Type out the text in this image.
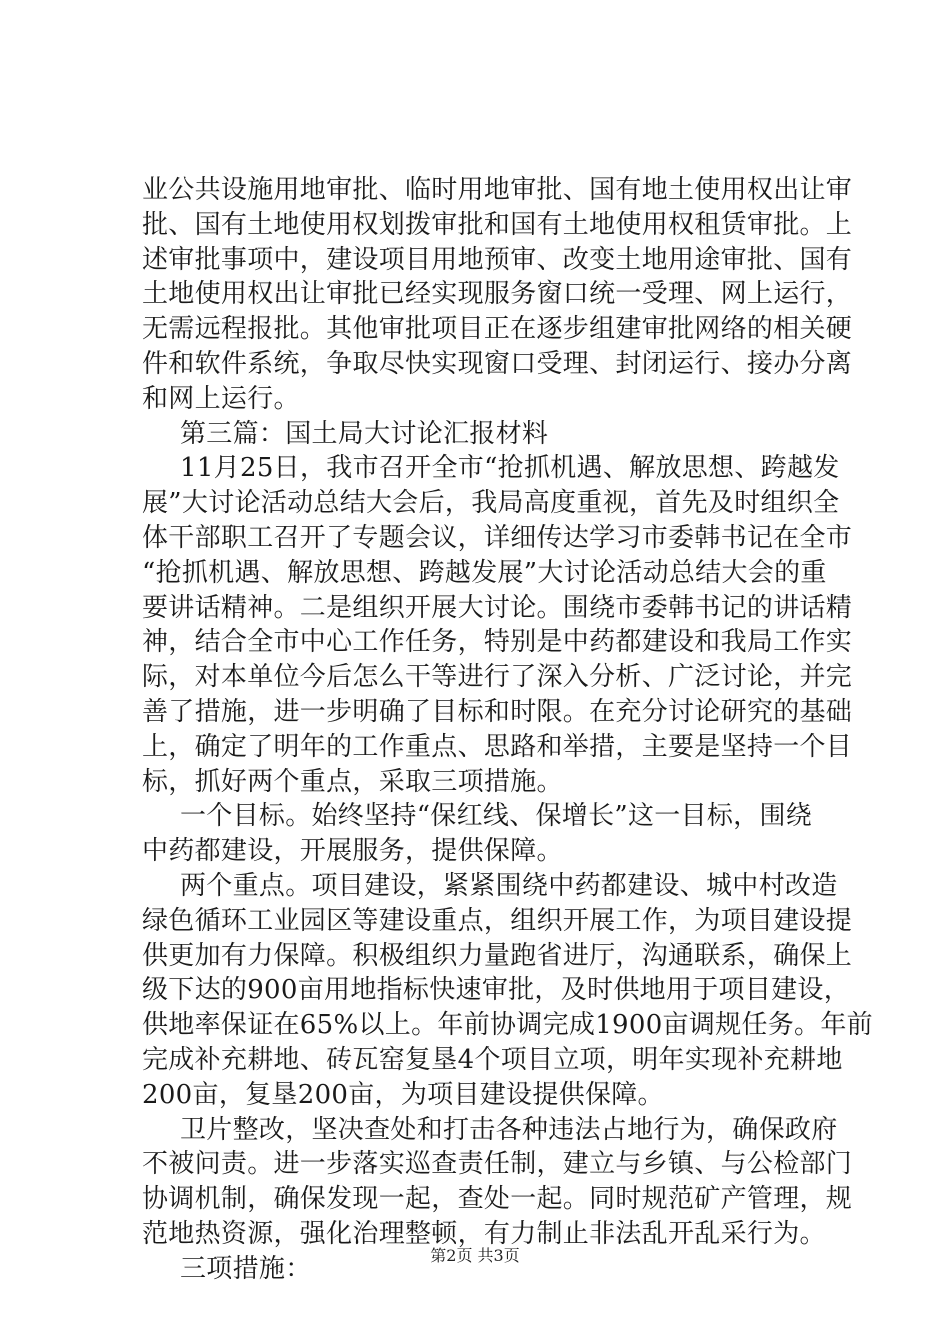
业公共设施用地审批、临时用地审批、国有地土使用权出让审
批、国有土地使用权划拨审批和国有土地使用权租赁审批。上
述审批事项中，建设项目用地预审、改变土地用途审批、国有
土地使用权出让审批已经实现服务窗口统一受理、网上运行，
无需远程报批。其他审批项目正在逐步组建审批网络的相关硬
件和软件系统，争取尽快实现窗口受理、封闭运行、接办分离
和网上运行。
第三篇：国土局大讨论汇报材料
11月25日，我市召开全市“抢抓机遇、解放思想、跨越发
展”大讨论活动总结大会后，我局高度重视，首先及时组织全
体干部职工召开了专题会议，详细传达学习市委韩书记在全市
“抢抓机遇、解放思想、跨越发展”大讨论活动总结大会的重
要讲话精神。二是组织开展大讨论。围绕市委韩书记的讲话精
神，结合全市中心工作任务，特别是中药都建设和我局工作实
际，对本单位今后怎么干等进行了深入分析、广泛讨论，并完
善了措施，进一步明确了目标和时限。在充分讨论研究的基础
上，确定了明年的工作重点、思路和举措，主要是坚持一个目
标，抓好两个重点，采取三项措施。
一个目标。始终坚持“保红线、保增长”这一目标，围绕
中药都建设，开展服务，提供保障。
两个重点。项目建设，紧紧围绕中药都建设、城中村改造
绿色循环工业园区等建设重点，组织开展工作，为项目建设提
供更加有力保障。积极组织力量跑省进厅，沟通联系，确保上
级下达的900亩用地指标快速审批，及时供地用于项目建设，
供地率保证在65%以上。年前协调完成1900亩调规任务。年前
完成补充耕地、砖瓦窑复垦4个项目立项，明年实现补充耕地
200亩，复垦200亩，为项目建设提供保障。
卫片整改，坚决查处和打击各种违法占地行为，确保政府
不被问责。进一步落实巡查责任制，建立与乡镇、与公检部门
协调机制，确保发现一起，查处一起。同时规范矿产管理，规
范地热资源，强化治理整顿，有力制止非法乱开乱采行为。
三项措施：	第2页 共3页
